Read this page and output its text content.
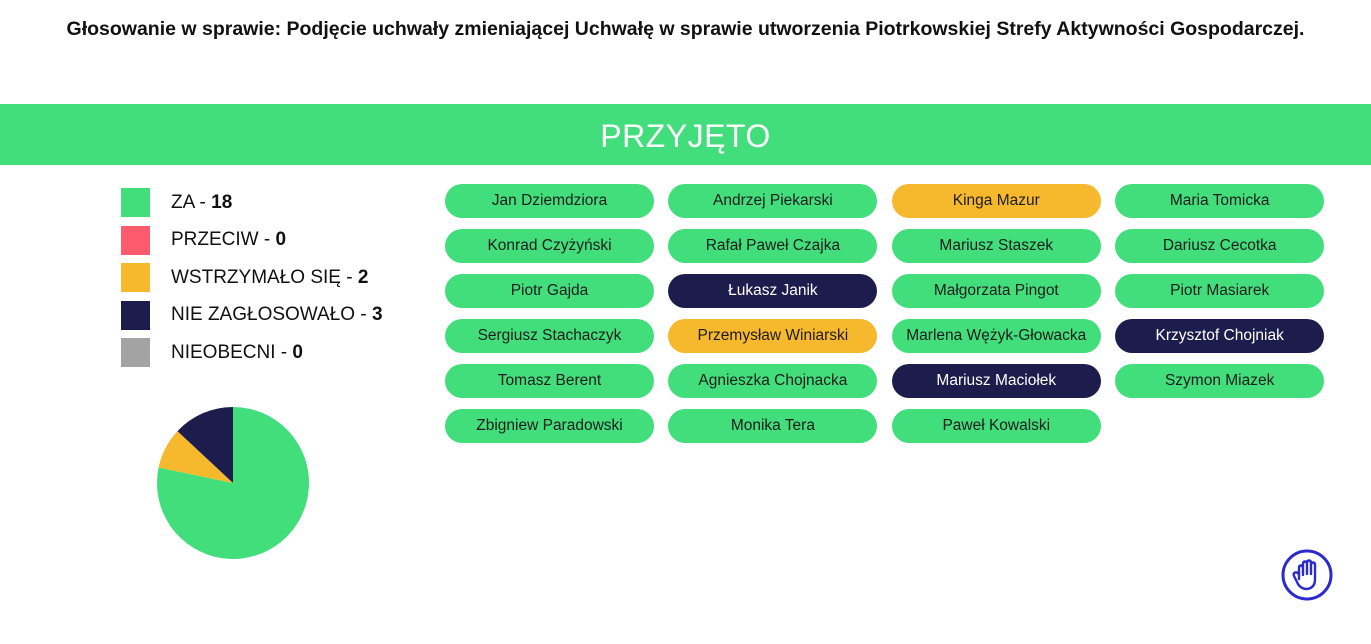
Głosowanie w sprawie: Podjęcie uchwały zmieniającej Uchwałę w sprawie utworzenia Piotrkowskiej Strefy Aktywności Gospodarczej.
PRZYJĘTO
ZA - 18
PRZECIW - 0
WSTRZYMAŁO SIĘ - 2
NIE ZAGŁOSOWAŁO - 3
NIEOBECNI - 0
Jan Dziemdziora	Andrzej Piekarski	Kinga Mazur	Maria Tomicka
Konrad Czyżyński	Rafał Paweł Czajka	Mariusz Staszek	Dariusz Cecotka
Piotr Gajda	Łukasz Janik	Małgorzata Pingot	Piotr Masiarek
Sergiusz Stachaczyk	Przemysław Winiarski	Marlena Wężyk-Głowacka	Krzysztof Chojniak
Tomasz Berent	Agnieszka Chojnacka	Mariusz Maciołek	Szymon Miazek
Zbigniew Paradowski	Monika Tera	Paweł Kowalski
